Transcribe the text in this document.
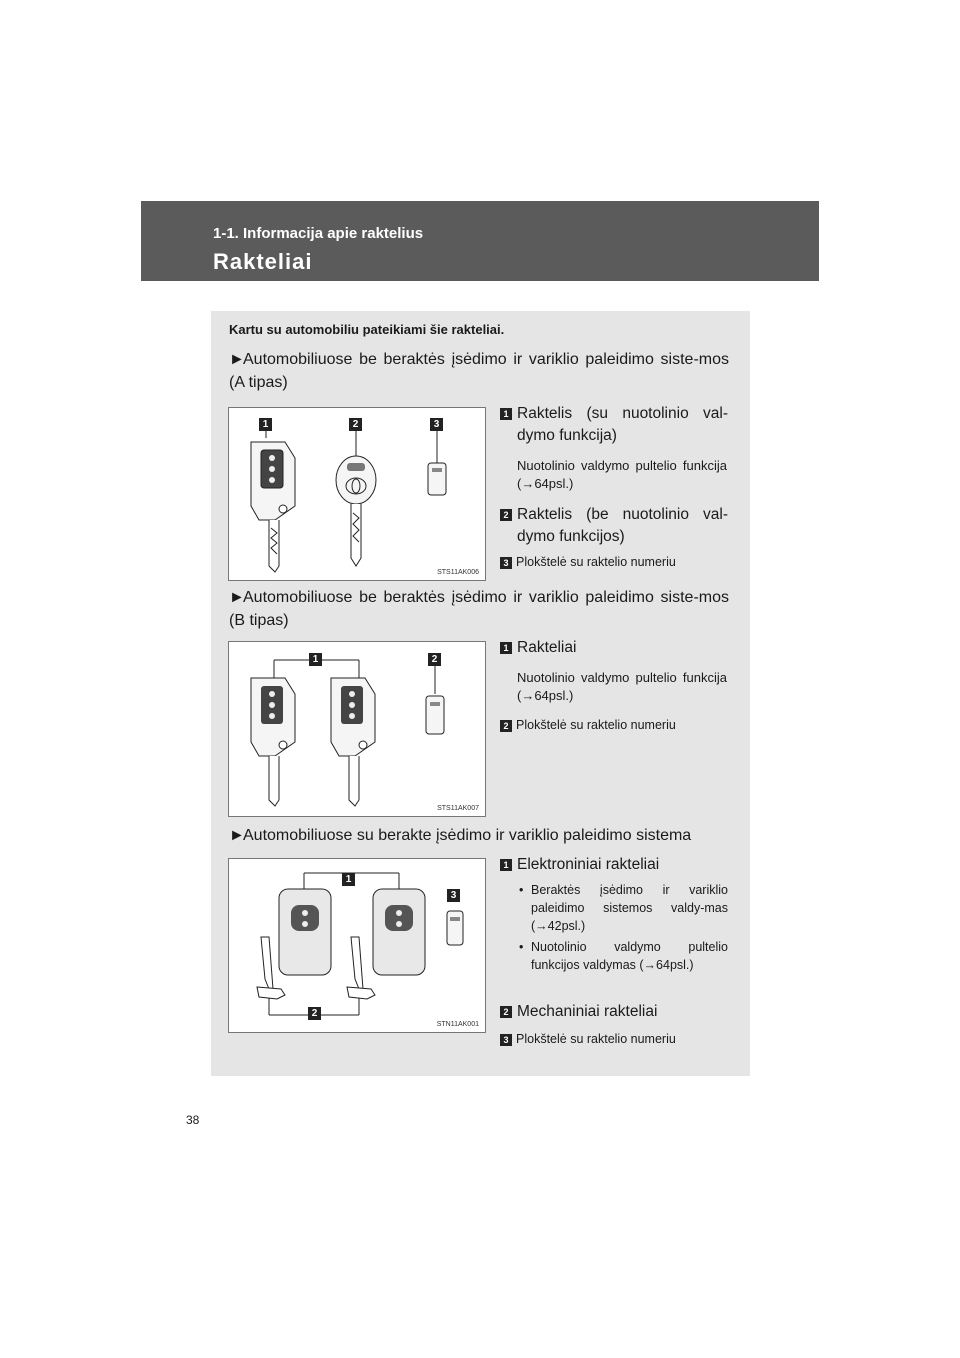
1-1. Informacija apie raktelius
Rakteliai
Kartu su automobiliu pateikiami šie rakteliai.
►Automobiliuose be beraktės įsėdimo ir variklio paleidimo siste-mos (A tipas)
1	2	3
STS11AK006
1 Raktelis (su nuotolinio val-dymo funkcija)
Nuotolinio valdymo pultelio funkcija (→64psl.)
2 Raktelis (be nuotolinio val-dymo funkcijos)
3 Plokštelė su raktelio numeriu
►Automobiliuose be beraktės įsėdimo ir variklio paleidimo siste-mos (B tipas)
1	2
STS11AK007
1 Rakteliai
Nuotolinio valdymo pultelio funkcija (→64psl.)
2 Plokštelė su raktelio numeriu
►Automobiliuose su berakte įsėdimo ir variklio paleidimo sistema
1
2
3
STN11AK001
1 Elektroniniai rakteliai
• Beraktės įsėdimo ir variklio paleidimo sistemos valdy-mas (→42psl.)
• Nuotolinio valdymo pultelio funkcijos valdymas (→64psl.)
2 Mechaniniai rakteliai
3 Plokštelė su raktelio numeriu
38
